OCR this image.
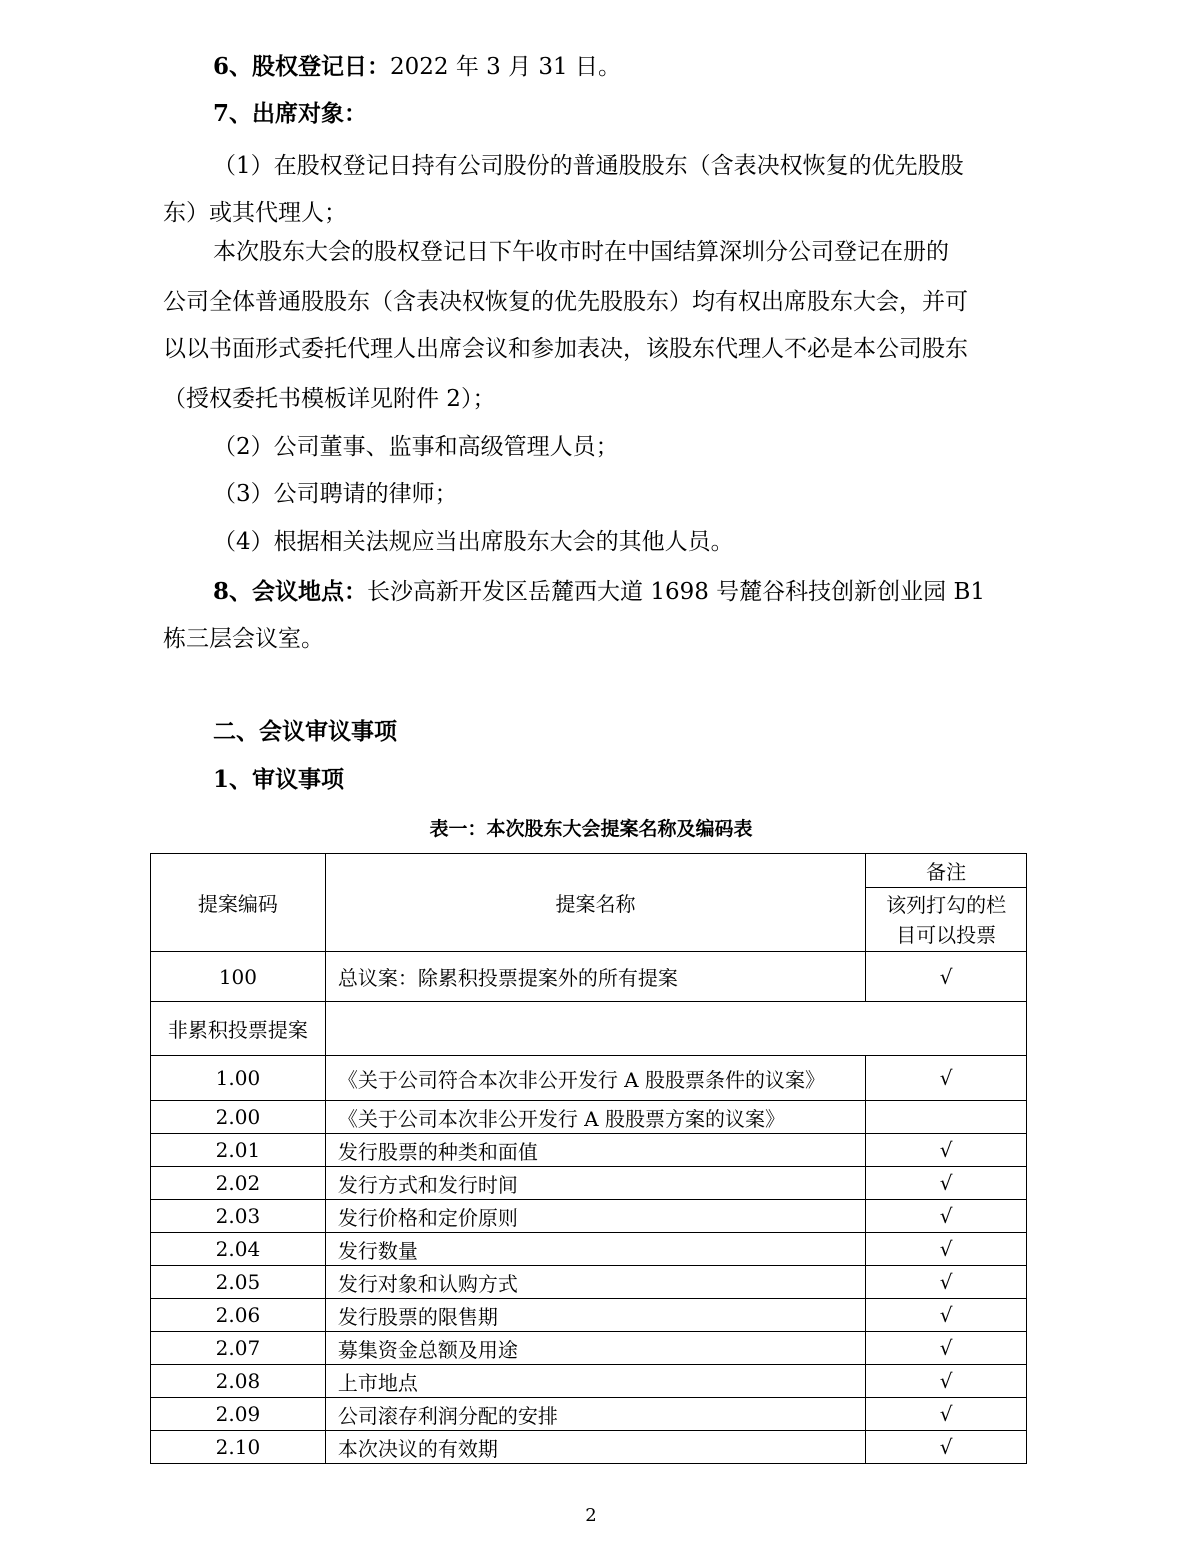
6、股权登记日：2022 年 3 月 31 日。
7、出席对象：
（1）在股权登记日持有公司股份的普通股股东（含表决权恢复的优先股股
东）或其代理人；
本次股东大会的股权登记日下午收市时在中国结算深圳分公司登记在册的
公司全体普通股股东（含表决权恢复的优先股股东）均有权出席股东大会，并可
以以书面形式委托代理人出席会议和参加表决，该股东代理人不必是本公司股东
（授权委托书模板详见附件 2）；
（2）公司董事、监事和高级管理人员；
（3）公司聘请的律师；
（4）根据相关法规应当出席股东大会的其他人员。
8、会议地点：长沙高新开发区岳麓西大道 1698 号麓谷科技创新创业园 B1
栋三层会议室。
二、会议审议事项
1、审议事项
表一：本次股东大会提案名称及编码表
提案编码	提案名称	备注
		该列打勾的栏
目可以投票
100	总议案：除累积投票提案外的所有提案	√
非累积投票提案		
1.00	《关于公司符合本次非公开发行 A 股股票条件的议案》	√
2.00	《关于公司本次非公开发行 A 股股票方案的议案》	
2.01	发行股票的种类和面值	√
2.02	发行方式和发行时间	√
2.03	发行价格和定价原则	√
2.04	发行数量	√
2.05	发行对象和认购方式	√
2.06	发行股票的限售期	√
2.07	募集资金总额及用途	√
2.08	上市地点	√
2.09	公司滚存利润分配的安排	√
2.10	本次决议的有效期	√
2
